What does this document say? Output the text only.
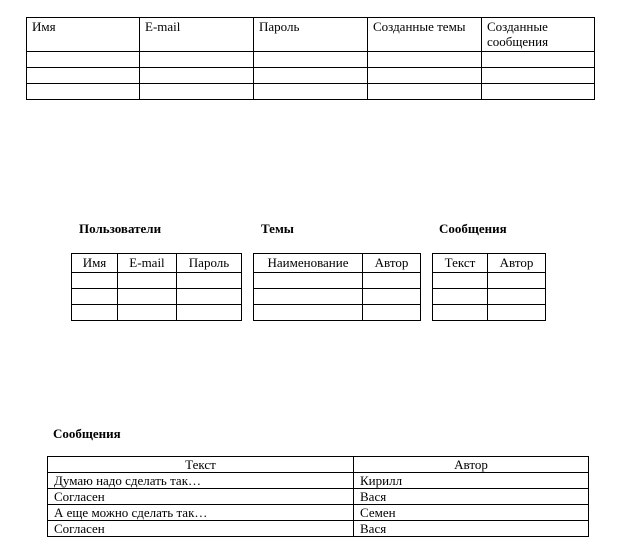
Имя	E-mail	Пароль	Созданные темы	Созданные сообщения

Пользователи	Темы	Сообщения
Имя	E-mail	Пароль

			Наименование	Автор

		Текст	Автор

Сообщения
Текст	Автор
Думаю надо сделать так…	Кирилл
Согласен	Вася
А еще можно сделать так…	Семен
Согласен	Вася
